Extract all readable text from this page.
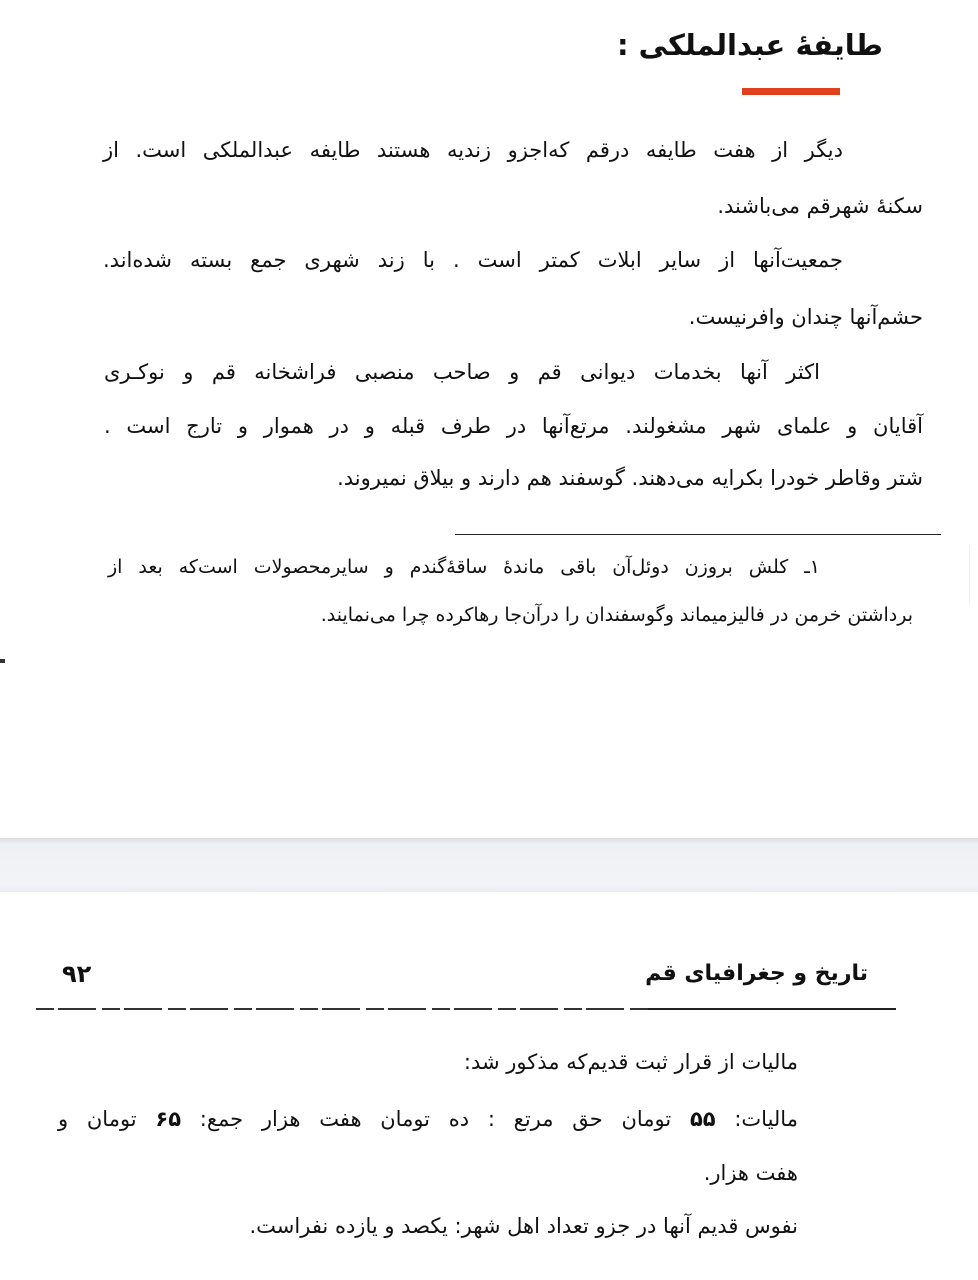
طایفهٔ عبدالملکی :
دیگر از هفت طایفه درقم که‌اجزو زندیه هستند طایفه عبدالملکی است. از
سکنهٔ شهرقم می‌باشند.
جمعیت‌آنها از سایر ابلات کمتر است . با زند شهری جمع بسته شده‌اند.
حشم‌آنها چندان وافرنیست.
اکثر آنها بخدمات دیوانی قم و صاحب منصبی فراشخانه قم و نوکـری
آقایان و علمای شهر مشغولند. مرتع‌آنها در طرف قبله و در هموار و تارج است .
شتر وقاطر خودرا بکرایه می‌دهند. گوسفند هم دارند و بیلاق نمیروند.
۱ـ کلش بروزن دوئل‌آن باقی ماندهٔ ساقهٔ‌گندم و سایرمحصولات است‌که بعد از
برداشتن خرمن در فالیزمیماند وگوسفندان را درآن‌جا رهاکرده چرا می‌نمایند.
تاریخ و جغرافیای قم
۹۲
مالیات از قرار ثبت قدیم‌که مذکور شد:
مالیات: ۵۵ تومان حق مرتع : ده تومان هفت هزار جمع: ۶۵ تومان و
هفت هزار.
نفوس قدیم آنها در جزو تعداد اهل شهر: یکصد و یازده نفراست.
